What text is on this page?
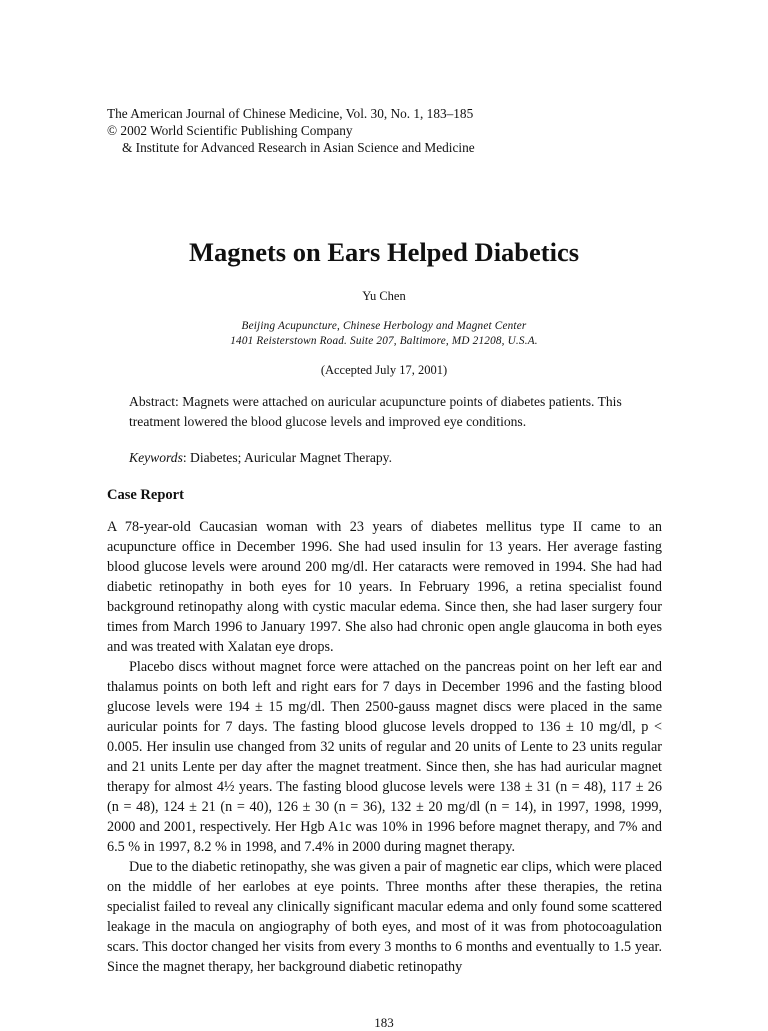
The American Journal of Chinese Medicine, Vol. 30, No. 1, 183–185
© 2002 World Scientific Publishing Company
& Institute for Advanced Research in Asian Science and Medicine
Magnets on Ears Helped Diabetics
Yu Chen
Beijing Acupuncture, Chinese Herbology and Magnet Center
1401 Reisterstown Road. Suite 207, Baltimore, MD 21208, U.S.A.
(Accepted July 17, 2001)

Abstract: Magnets were attached on auricular acupuncture points of diabetes patients. This treatment lowered the blood glucose levels and improved eye conditions.

Keywords: Diabetes; Auricular Magnet Therapy.

Case Report

A 78-year-old Caucasian woman with 23 years of diabetes mellitus type II came to an acupuncture office in December 1996. She had used insulin for 13 years. Her average fasting blood glucose levels were around 200 mg/dl. Her cataracts were removed in 1994. She had had diabetic retinopathy in both eyes for 10 years. In February 1996, a retina specialist found background retinopathy along with cystic macular edema. Since then, she had laser surgery four times from March 1996 to January 1997. She also had chronic open angle glaucoma in both eyes and was treated with Xalatan eye drops.

Placebo discs without magnet force were attached on the pancreas point on her left ear and thalamus points on both left and right ears for 7 days in December 1996 and the fasting blood glucose levels were 194 ± 15 mg/dl. Then 2500-gauss magnet discs were placed in the same auricular points for 7 days. The fasting blood glucose levels dropped to 136 ± 10 mg/dl, p < 0.005. Her insulin use changed from 32 units of regular and 20 units of Lente to 23 units regular and 21 units Lente per day after the magnet treatment. Since then, she has had auricular magnet therapy for almost 4½ years. The fasting blood glucose levels were 138 ± 31 (n = 48), 117 ± 26 (n = 48), 124 ± 21 (n = 40), 126 ± 30 (n = 36), 132 ± 20 mg/dl (n = 14), in 1997, 1998, 1999, 2000 and 2001, respectively. Her Hgb A1c was 10% in 1996 before magnet therapy, and 7% and 6.5 % in 1997, 8.2 % in 1998, and 7.4% in 2000 during magnet therapy.

Due to the diabetic retinopathy, she was given a pair of magnetic ear clips, which were placed on the middle of her earlobes at eye points. Three months after these therapies, the retina specialist failed to reveal any clinically significant macular edema and only found some scattered leakage in the macula on angiography of both eyes, and most of it was from photocoagulation scars. This doctor changed her visits from every 3 months to 6 months and eventually to 1.5 year. Since the magnet therapy, her background diabetic retinopathy

183
